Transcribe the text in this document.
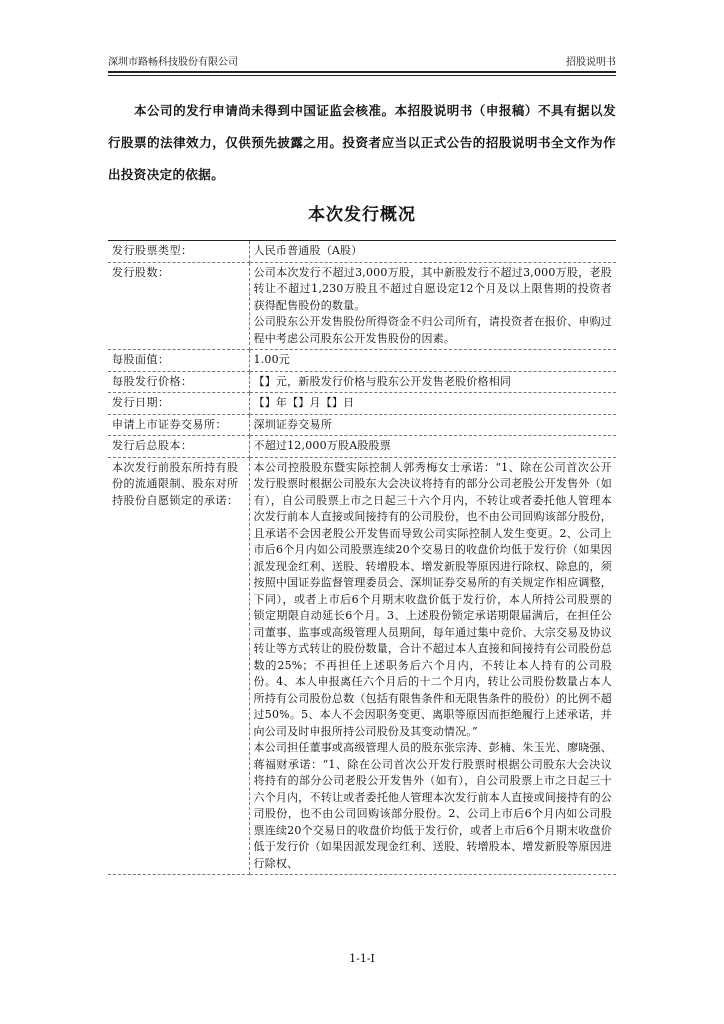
深圳市路畅科技股份有限公司	招股说明书
本公司的发行申请尚未得到中国证监会核准。本招股说明书（申报稿）不具有据以发行股票的法律效力，仅供预先披露之用。投资者应当以正式公告的招股说明书全文作为作出投资决定的依据。
本次发行概况
发行股票类型：	人民币普通股（A股）

发行股数：	公司本次发行不超过3,000万股，其中新股发行不超过3,000万股，老股转让不超过1,230万股且不超过自愿设定12个月及以上限售期的投资者获得配售股份的数量。
公司股东公开发售股份所得资金不归公司所有，请投资者在报价、申购过程中考虑公司股东公开发售股份的因素。

每股面值：	1.00元

每股发行价格：	【】元，新股发行价格与股东公开发售老股价格相同

发行日期：	【】年【】月【】日

申请上市证券交易所：	深圳证券交易所

发行后总股本：	不超过12,000万股A股股票

本次发行前股东所持有股份的流通限制、股东对所持股份自愿锁定的承诺：	本公司控股股东暨实际控制人郭秀梅女士承诺：“1、除在公司首次公开发行股票时根据公司股东大会决议将持有的部分公司老股公开发售外（如有），自公司股票上市之日起三十六个月内，不转让或者委托他人管理本次发行前本人直接或间接持有的公司股份，也不由公司回购该部分股份，且承诺不会因老股公开发售而导致公司实际控制人发生变更。2、公司上市后6个月内如公司股票连续20个交易日的收盘价均低于发行价（如果因派发现金红利、送股、转增股本、增发新股等原因进行除权、除息的，须按照中国证券监督管理委员会、深圳证券交易所的有关规定作相应调整，下同），或者上市后6个月期末收盘价低于发行价，本人所持公司股票的锁定期限自动延长6个月。3、上述股份锁定承诺期限届满后，在担任公司董事、监事或高级管理人员期间，每年通过集中竞价、大宗交易及协议转让等方式转让的股份数量，合计不超过本人直接和间接持有公司股份总数的25%；不再担任上述职务后六个月内，不转让本人持有的公司股份。4、本人申报离任六个月后的十二个月内，转让公司股份数量占本人所持有公司股份总数（包括有限售条件和无限售条件的股份）的比例不超过50%。5、本人不会因职务变更、离职等原因而拒绝履行上述承诺，并向公司及时申报所持公司股份及其变动情况。”
本公司担任董事或高级管理人员的股东张宗涛、彭楠、朱玉光、廖晓强、蒋福财承诺：“1、除在公司首次公开发行股票时根据公司股东大会决议将持有的部分公司老股公开发售外（如有），自公司股票上市之日起三十六个月内，不转让或者委托他人管理本次发行前本人直接或间接持有的公司股份，也不由公司回购该部分股份。2、公司上市后6个月内如公司股票连续20个交易日的收盘价均低于发行价，或者上市后6个月期末收盘价低于发行价（如果因派发现金红利、送股、转增股本、增发新股等原因进行除权、
1-1-I
